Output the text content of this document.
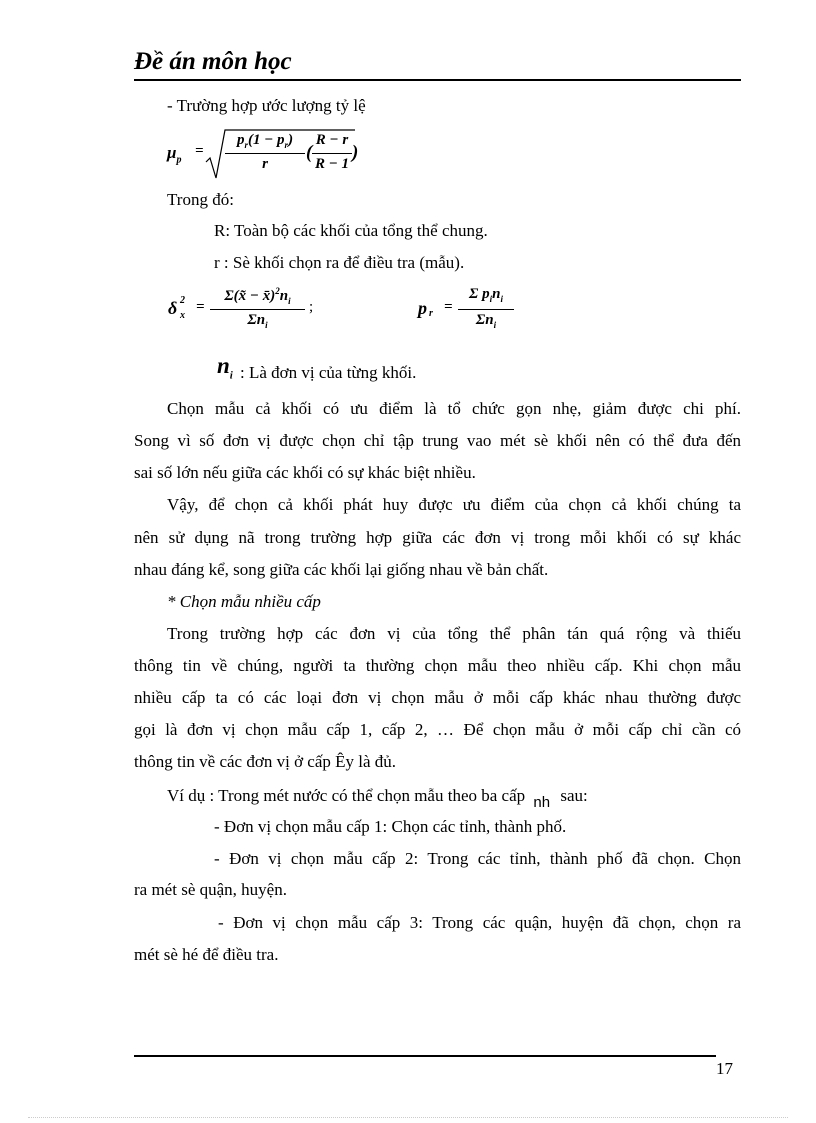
Đề án môn học
- Trường hợp ước lượng tỷ lệ
$\mu_p$
=
$p_r(1 - p_r)$
r
(
R − r
R − 1
)
Trong đó:
R: Toàn bộ các khối của tổng thể chung.
r : Sè khối chọn ra để điều tra (mẫu).
δ 2
x
=
Σ(x̃ − $x̄)^2n_i$
$\Sigma n_i$
;	p r =
Σ $p_in_i$
$\Sigma n_i$
$n_i$ : Là đơn vị của từng khối.
Chọn mẫu cả khối có ưu điểm là tổ chức gọn nhẹ, giảm được chi phí.
Song vì số đơn vị được chọn chỉ tập trung vao mét sè khối nên có thể đưa đến
sai số lớn nếu giữa các khối có sự khác biệt nhiều.
Vậy, để chọn cả khối phát huy được ưu điểm của chọn cả khối chúng ta
nên sử dụng nã trong trường hợp giữa các đơn vị trong mỗi khối có sự khác
nhau đáng kể, song giữa các khối lại giống nhau về bản chất.
* Chọn mẫu nhiều cấp
Trong trường hợp các đơn vị của tổng thể phân tán quá rộng và thiếu
thông tin về chúng, người ta thường chọn mẫu theo nhiều cấp. Khi chọn mẫu
nhiều cấp ta có các loại đơn vị chọn mẫu ở mỗi cấp khác nhau thường được
gọi là đơn vị chọn mẫu cấp 1, cấp 2, … Để chọn mẫu ở mỗi cấp chỉ cần có
thông tin về các đơn vị ở cấp Êy là đủ.
Ví dụ : Trong mét nước có thể chọn mẫu theo ba cấp nh sau:
- Đơn vị chọn mẫu cấp 1: Chọn các tỉnh, thành phố.
- Đơn vị chọn mẫu cấp 2: Trong các tỉnh, thành phố đã chọn. Chọn
ra mét sè quận, huyện.
- Đơn vị chọn mẫu cấp 3: Trong các quận, huyện đã chọn, chọn ra
mét sè hé để điều tra.
17
